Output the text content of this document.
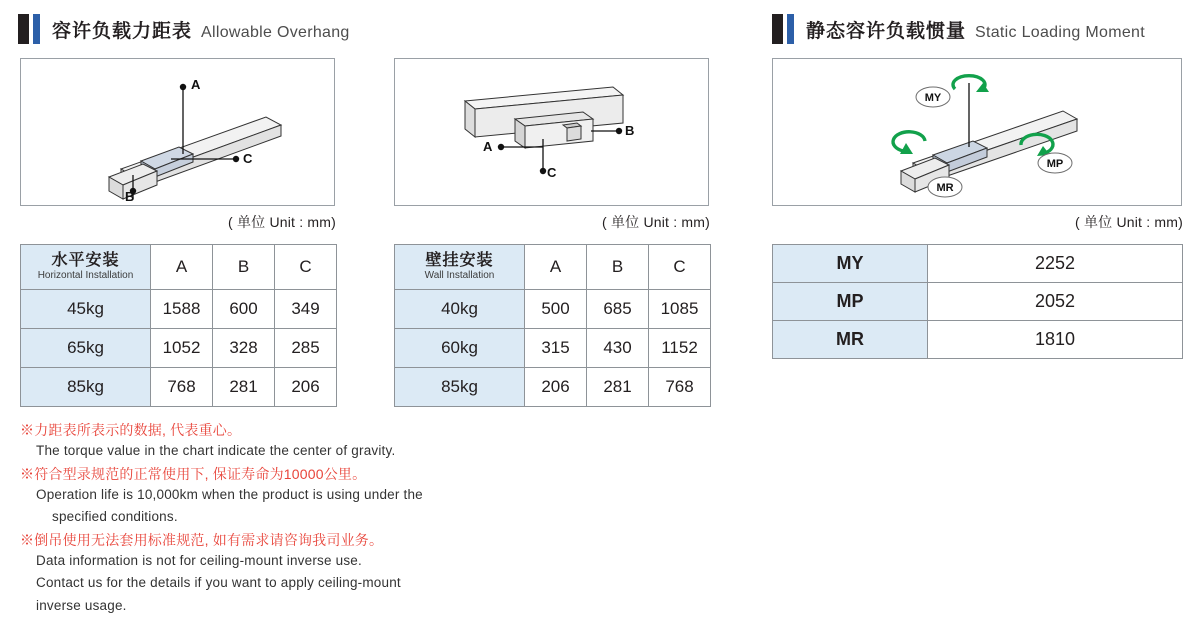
容许负载力距表 Allowable Overhang	静态容许负载惯量 Static Loading Moment
A
C
B
A
C
B
MY
MP
MR
( 单位 Unit : mm)	( 单位 Unit : mm)	( 单位 Unit : mm)
水平安装
Horizontal Installation	A	B	C
45kg	1588	600	349
65kg	1052	328	285
85kg	768	281	206
壁挂安装
Wall Installation	A	B	C
40kg	500	685	1085
60kg	315	430	1152
85kg	206	281	768
MY	2252
MP	2052
MR	1810

※力距表所表示的数据, 代表重心。

The torque value in the chart indicate the center of gravity.

※符合型录规范的正常使用下, 保证寿命为10000公里。

Operation life is 10,000km when the product is using under the

specified conditions.

※倒吊使用无法套用标准规范, 如有需求请咨询我司业务。

Data information is not for ceiling-mount inverse use.

Contact us for the details if you want to apply ceiling-mount

inverse usage.
